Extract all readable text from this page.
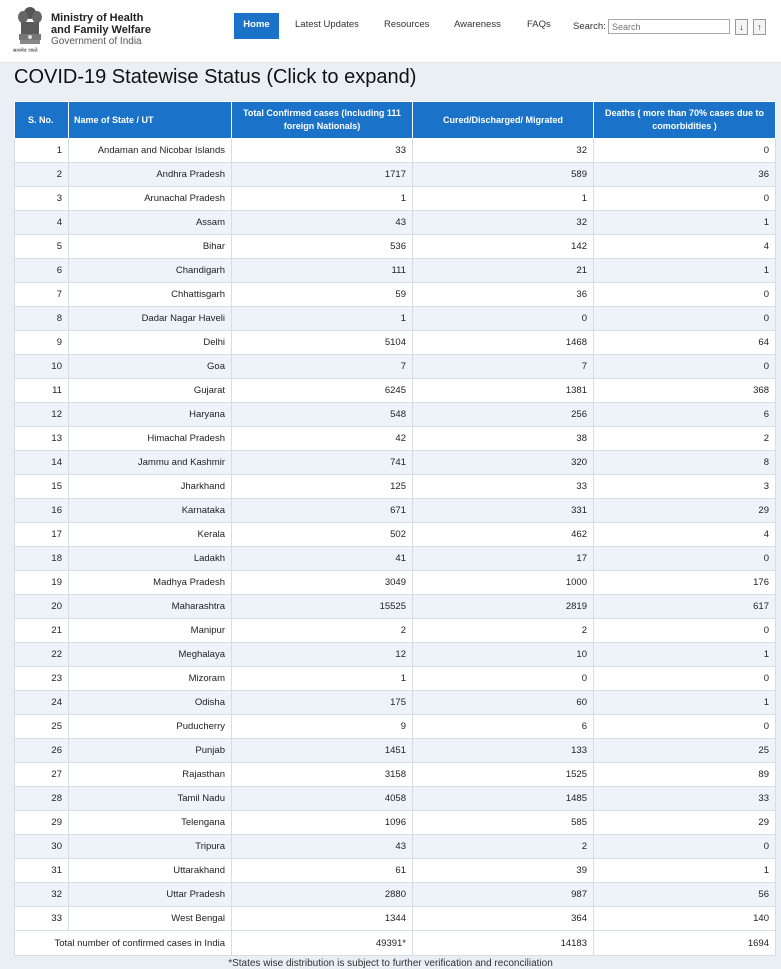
सत्यमेव जयते
Ministry of Health
and Family Welfare
Government of India
Home	Latest Updates	Resources	Awareness	FAQs Search:
Search	↓	↑
COVID-19 Statewise Status (Click to expand)
S. No.	Name of State / UT	Total Confirmed cases (Including 111 foreign Nationals)	Cured/Discharged/ Migrated	Deaths ( more than 70% cases due to comorbidities )
1	Andaman and Nicobar Islands	33	32	0
2	Andhra Pradesh	1717	589	36
3	Arunachal Pradesh	1	1	0
4	Assam	43	32	1
5	Bihar	536	142	4
6	Chandigarh	111	21	1
7	Chhattisgarh	59	36	0
8	Dadar Nagar Haveli	1	0	0
9	Delhi	5104	1468	64
10	Goa	7	7	0
11	Gujarat	6245	1381	368
12	Haryana	548	256	6
13	Himachal Pradesh	42	38	2
14	Jammu and Kashmir	741	320	8
15	Jharkhand	125	33	3
16	Karnataka	671	331	29
17	Kerala	502	462	4
18	Ladakh	41	17	0
19	Madhya Pradesh	3049	1000	176
20	Maharashtra	15525	2819	617
21	Manipur	2	2	0
22	Meghalaya	12	10	1
23	Mizoram	1	0	0
24	Odisha	175	60	1
25	Puducherry	9	6	0
26	Punjab	1451	133	25
27	Rajasthan	3158	1525	89
28	Tamil Nadu	4058	1485	33
29	Telengana	1096	585	29
30	Tripura	43	2	0
31	Uttarakhand	61	39	1
32	Uttar Pradesh	2880	987	56
33	West Bengal	1344	364	140
Total number of confirmed cases in India		49391*	14183	1694
*States wise distribution is subject to further verification and reconciliation
